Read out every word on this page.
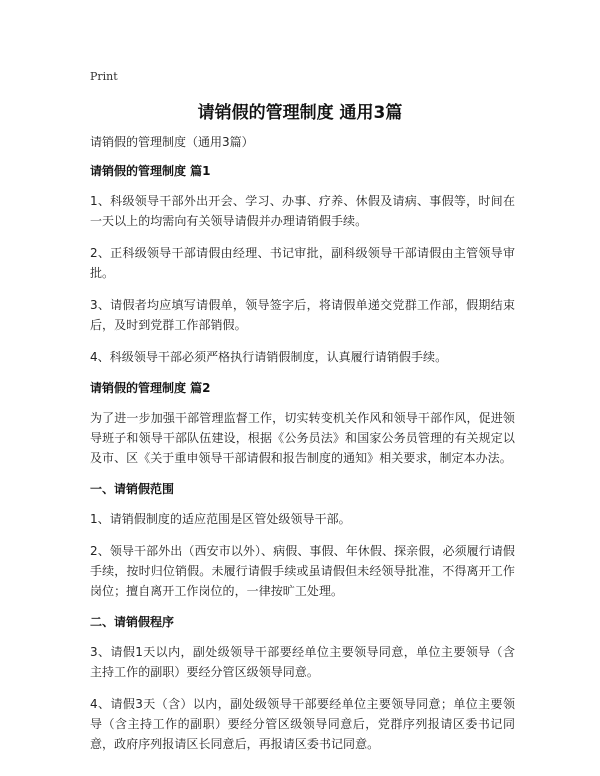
Print
请销假的管理制度 通用3篇

请销假的管理制度（通用3篇）

请销假的管理制度 篇1

1、科级领导干部外出开会、学习、办事、疗养、休假及请病、事假等，时间在一天以上的均需向有关领导请假并办理请销假手续。

2、正科级领导干部请假由经理、书记审批，副科级领导干部请假由主管领导审批。

3、请假者均应填写请假单，领导签字后，将请假单递交党群工作部，假期结束后，及时到党群工作部销假。

4、科级领导干部必须严格执行请销假制度，认真履行请销假手续。

请销假的管理制度 篇2

为了进一步加强干部管理监督工作，切实转变机关作风和领导干部作风，促进领导班子和领导干部队伍建设，根据《公务员法》和国家公务员管理的有关规定以及市、区《关于重申领导干部请假和报告制度的通知》相关要求，制定本办法。

一、请销假范围

1、请销假制度的适应范围是区管处级领导干部。

2、领导干部外出（西安市以外）、病假、事假、年休假、探亲假，必须履行请假手续，按时归位销假。未履行请假手续或虽请假但未经领导批准，不得离开工作岗位；擅自离开工作岗位的，一律按旷工处理。

二、请销假程序

3、请假1天以内，副处级领导干部要经单位主要领导同意，单位主要领导（含主持工作的副职）要经分管区级领导同意。

4、请假3天（含）以内，副处级领导干部要经单位主要领导同意；单位主要领导（含主持工作的副职）要经分管区级领导同意后，党群序列报请区委书记同意，政府序列报请区长同意后，再报请区委书记同意。
